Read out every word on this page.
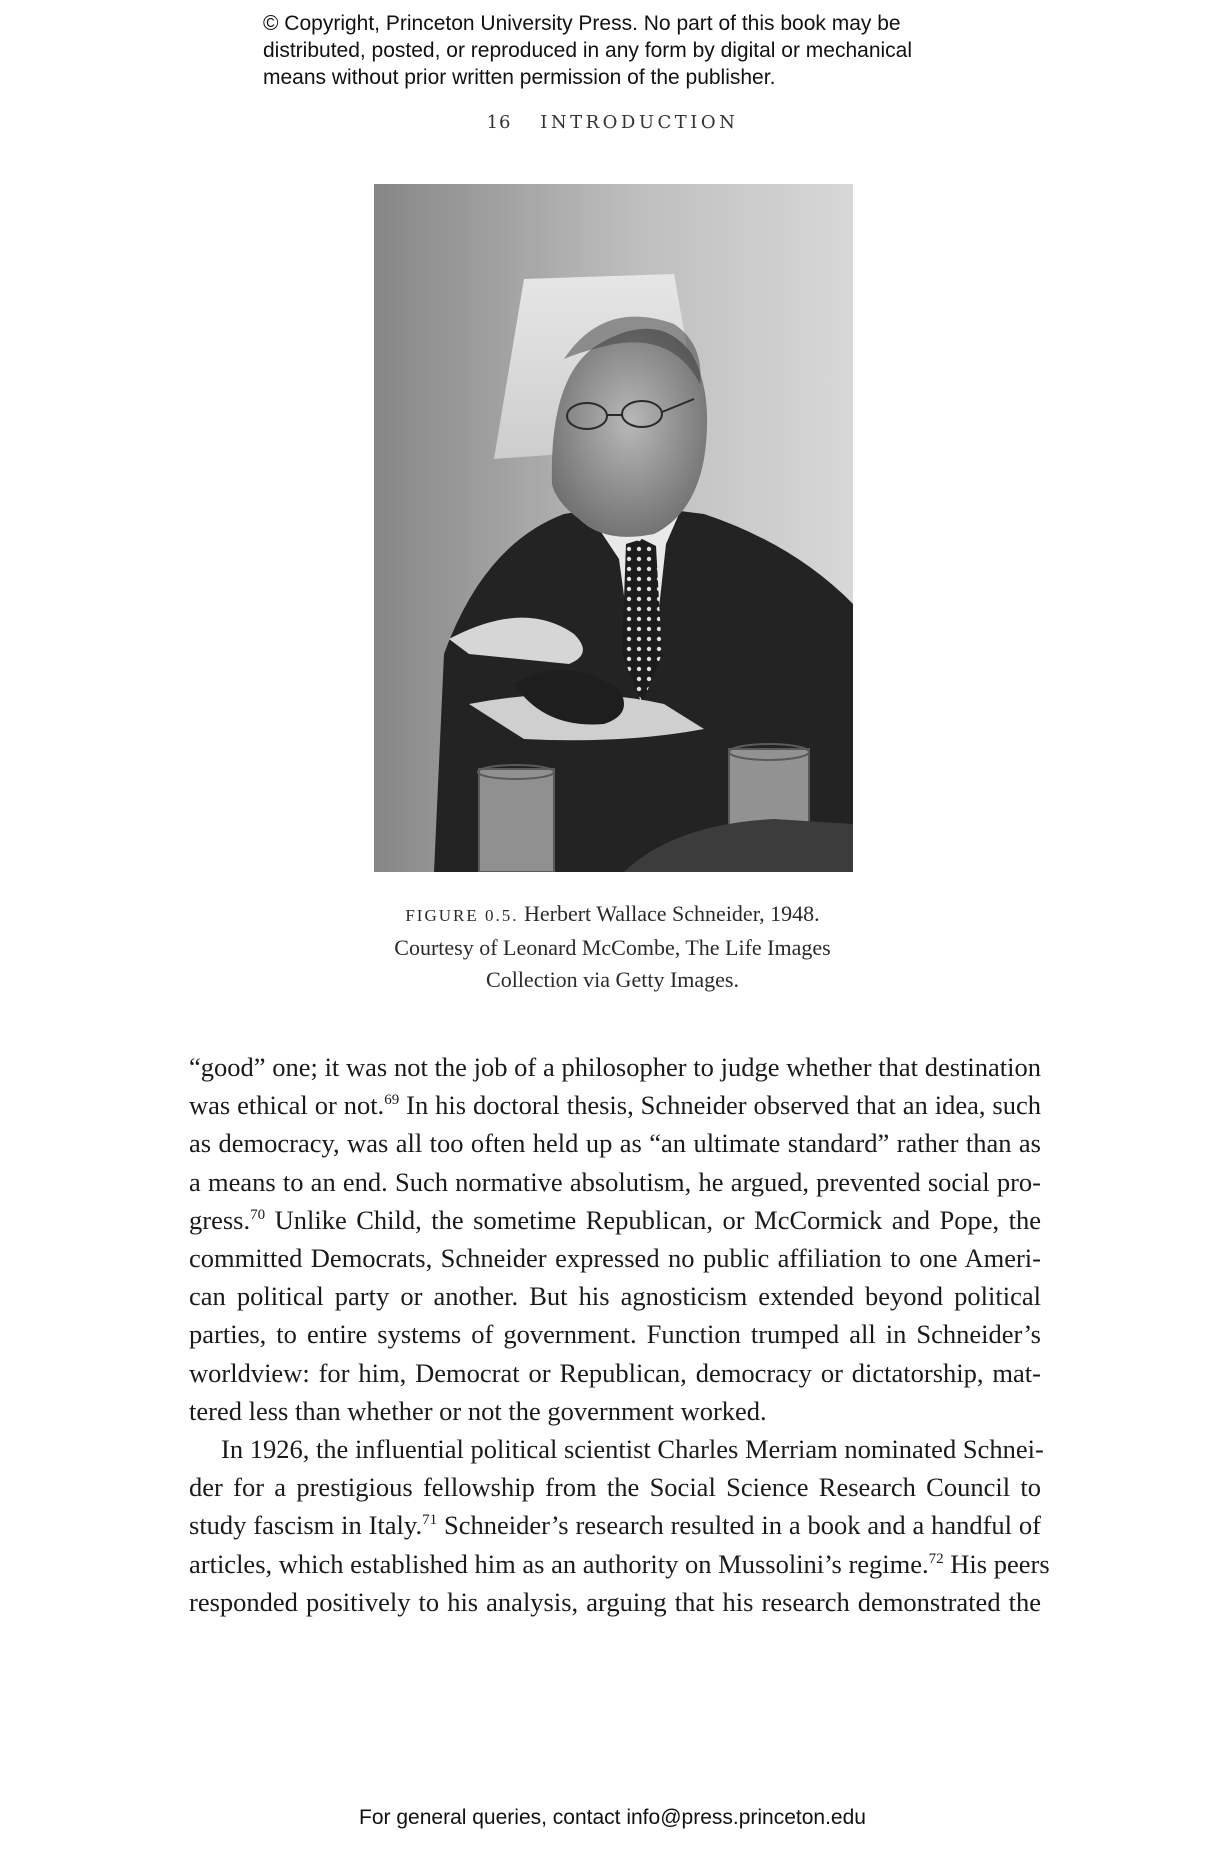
© Copyright, Princeton University Press. No part of this book may be
distributed, posted, or reproduced in any form by digital or mechanical
means without prior written permission of the publisher.
16 INTRODUCTION
FIGURE 0.5. Herbert Wallace Schneider, 1948.
Courtesy of Leonard McCombe, The Life Images
Collection via Getty Images.
“good” one; it was not the job of a philosopher to judge whether that destination
was ethical or not.$^{69}$ In his doctoral thesis, Schneider observed that an idea, such
as democracy, was all too often held up as “an ultimate standard” rather than as
a means to an end. Such normative absolutism, he argued, prevented social pro-
gress.$^{70}$ Unlike Child, the sometime Republican, or McCormick and Pope, the
committed Democrats, Schneider expressed no public affiliation to one Ameri-
can political party or another. But his agnosticism extended beyond political
parties, to entire systems of government. Function trumped all in Schneider’s
worldview: for him, Democrat or Republican, democracy or dictatorship, mat-
tered less than whether or not the government worked.
In 1926, the influential political scientist Charles Merriam nominated Schnei-
der for a prestigious fellowship from the Social Science Research Council to
study fascism in Italy.$^{71}$ Schneider’s research resulted in a book and a handful of
articles, which established him as an authority on Mussolini’s regime.$^{72}$ His peers
responded positively to his analysis, arguing that his research demonstrated the
For general queries, contact info@press.princeton.edu
